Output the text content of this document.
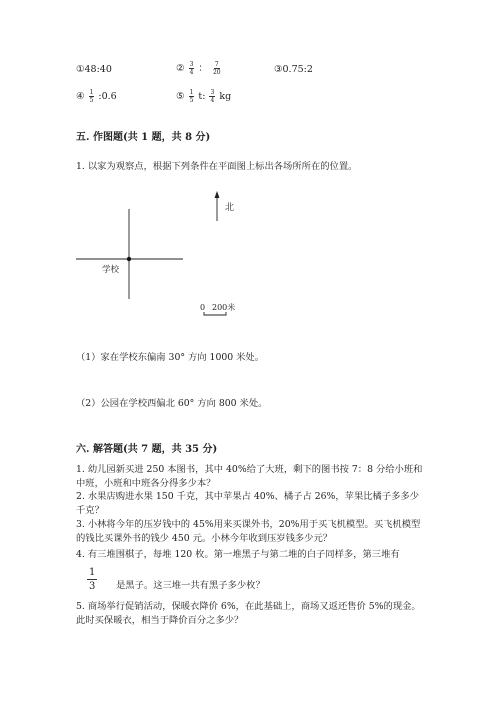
①48:40	② $\frac{3}{4}$ ： $\frac{7}{20}$	③0.75:2
④ $\frac{1}{5}$ :0.6	⑤ $\frac{1}{5} t$: $\frac{3}{4}$ kg
五. 作图题(共 1 题，共 8 分)
1. 以家为观察点，根据下列条件在平面图上标出各场所所在的位置。
北
学校
0 200米
（1）家在学校东偏南 30° 方向 1000 米处。
（2）公园在学校西偏北 60° 方向 800 米处。
六. 解答题(共 7 题，共 35 分)
1. 幼儿园新买进 250 本图书，其中 40%给了大班，剩下的图书按 7：8 分给小班和中班，小班和中班各分得多少本？
2. 水果店购进水果 150 千克，其中苹果占 40%、橘子占 26%，苹果比橘子多多少千克？
3. 小林将今年的压岁钱中的 45%用来买课外书，20%用于买飞机模型。买飞机模型的钱比买课外书的钱少 450 元。小林今年收到压岁钱多少元？
4. 有三堆围棋子，每堆 120 枚。第一堆黑子与第二堆的白子同样多，第三堆有
$\frac{1}{3}$ 是黑子。这三堆一共有黑子多少枚？
5. 商场举行促销活动，保暖衣降价 6%，在此基础上，商场又返还售价 5%的现金。此时买保暖衣，相当于降价百分之多少？
